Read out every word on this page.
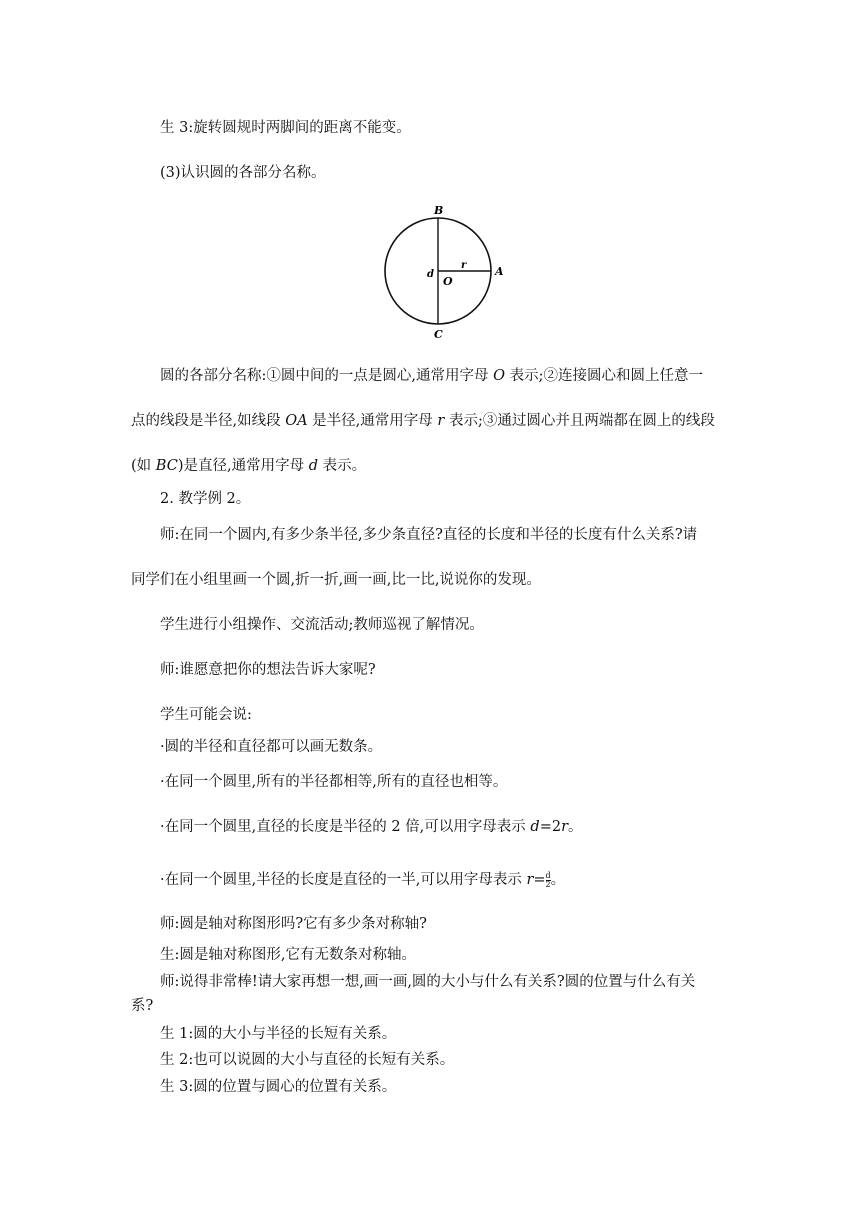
生 3:旋转圆规时两脚间的距离不能变。
(3)认识圆的各部分名称。
B
C
A
O
r
d
圆的各部分名称:①圆中间的一点是圆心,通常用字母 O 表示;②连接圆心和圆上任意一
点的线段是半径,如线段 OA 是半径,通常用字母 r 表示;③通过圆心并且两端都在圆上的线段
(如 BC)是直径,通常用字母 d 表示。
2. 教学例 2。
师:在同一个圆内,有多少条半径,多少条直径?直径的长度和半径的长度有什么关系?请
同学们在小组里画一个圆,折一折,画一画,比一比,说说你的发现。
学生进行小组操作、交流活动;教师巡视了解情况。
师:谁愿意把你的想法告诉大家呢?
学生可能会说:
·圆的半径和直径都可以画无数条。
·在同一个圆里,所有的半径都相等,所有的直径也相等。
·在同一个圆里,直径的长度是半径的 2 倍,可以用字母表示 d=2r。
·在同一个圆里,半径的长度是直径的一半,可以用字母表示 $r= \frac{d}{2}$ 。
师:圆是轴对称图形吗?它有多少条对称轴?
生:圆是轴对称图形,它有无数条对称轴。
师:说得非常棒!请大家再想一想,画一画,圆的大小与什么有关系?圆的位置与什么有关
系?
生 1:圆的大小与半径的长短有关系。
生 2:也可以说圆的大小与直径的长短有关系。
生 3:圆的位置与圆心的位置有关系。
